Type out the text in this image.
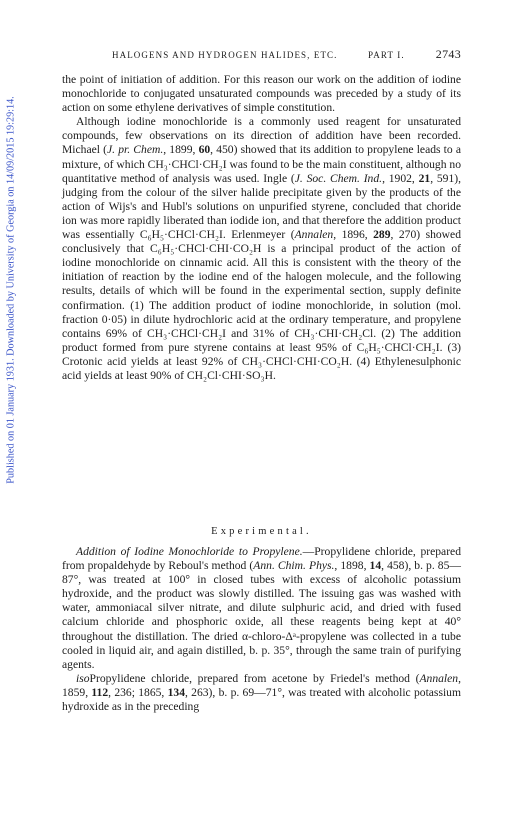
Published on 01 January 1931. Downloaded by University of Georgia on 14/09/2015 19:29:14.
HALOGENS AND HYDROGEN HALIDES, ETC.	PART I.	2743

the point of initiation of addition. For this reason our work on the addition of iodine monochloride to conjugated unsaturated compounds was preceded by a study of its action on some ethylene derivatives of simple constitution.

Although iodine monochloride is a commonly used reagent for unsaturated compounds, few observations on its direction of addition have been recorded. Michael (J. pr. Chem., 1899, 60, 450) showed that its addition to propylene leads to a mixture, of which CH₃·CHCl·CH₂I was found to be the main constituent, although no quantitative method of analysis was used. Ingle (J. Soc. Chem. Ind., 1902, 21, 591), judging from the colour of the silver halide precipitate given by the products of the action of Wijs's and Hubl's solutions on unpurified styrene, concluded that choride ion was more rapidly liberated than iodide ion, and that therefore the addition product was essentially C₆H₅·CHCl·CH₂I. Erlenmeyer (Annalen, 1896, 289, 270) showed conclusively that C₆H₅·CHCl·CHI·CO₂H is a principal product of the action of iodine monochloride on cinnamic acid. All this is consistent with the theory of the initiation of reaction by the iodine end of the halogen molecule, and the following results, details of which will be found in the experimental section, supply definite confirmation. (1) The addition product of iodine monochloride, in solution (mol. fraction 0·05) in dilute hydrochloric acid at the ordinary temperature, and propylene contains 69% of CH₃·CHCl·CH₂I and 31% of CH₃·CHI·CH₂Cl. (2) The addition product formed from pure styrene contains at least 95% of C₆H₅·CHCl·CH₂I. (3) Crotonic acid yields at least 92% of CH₃·CHCl·CHI·CO₂H. (4) Ethylenesulphonic acid yields at least 90% of CH₂Cl·CHI·SO₃H.

Experimental.

Addition of Iodine Monochloride to Propylene.—Propylidene chloride, prepared from propaldehyde by Reboul's method (Ann. Chim. Phys., 1898, 14, 458), b. p. 85—87°, was treated at 100° in closed tubes with excess of alcoholic potassium hydroxide, and the product was slowly distilled. The issuing gas was washed with water, ammoniacal silver nitrate, and dilute sulphuric acid, and dried with fused calcium chloride and phosphoric oxide, all these reagents being kept at 40° throughout the distillation. The dried α-chloro-Δᵃ-propylene was collected in a tube cooled in liquid air, and again distilled, b. p. 35°, through the same train of purifying agents.

isoPropylidene chloride, prepared from acetone by Friedel's method (Annalen, 1859, 112, 236; 1865, 134, 263), b. p. 69—71°, was treated with alcoholic potassium hydroxide as in the preceding
